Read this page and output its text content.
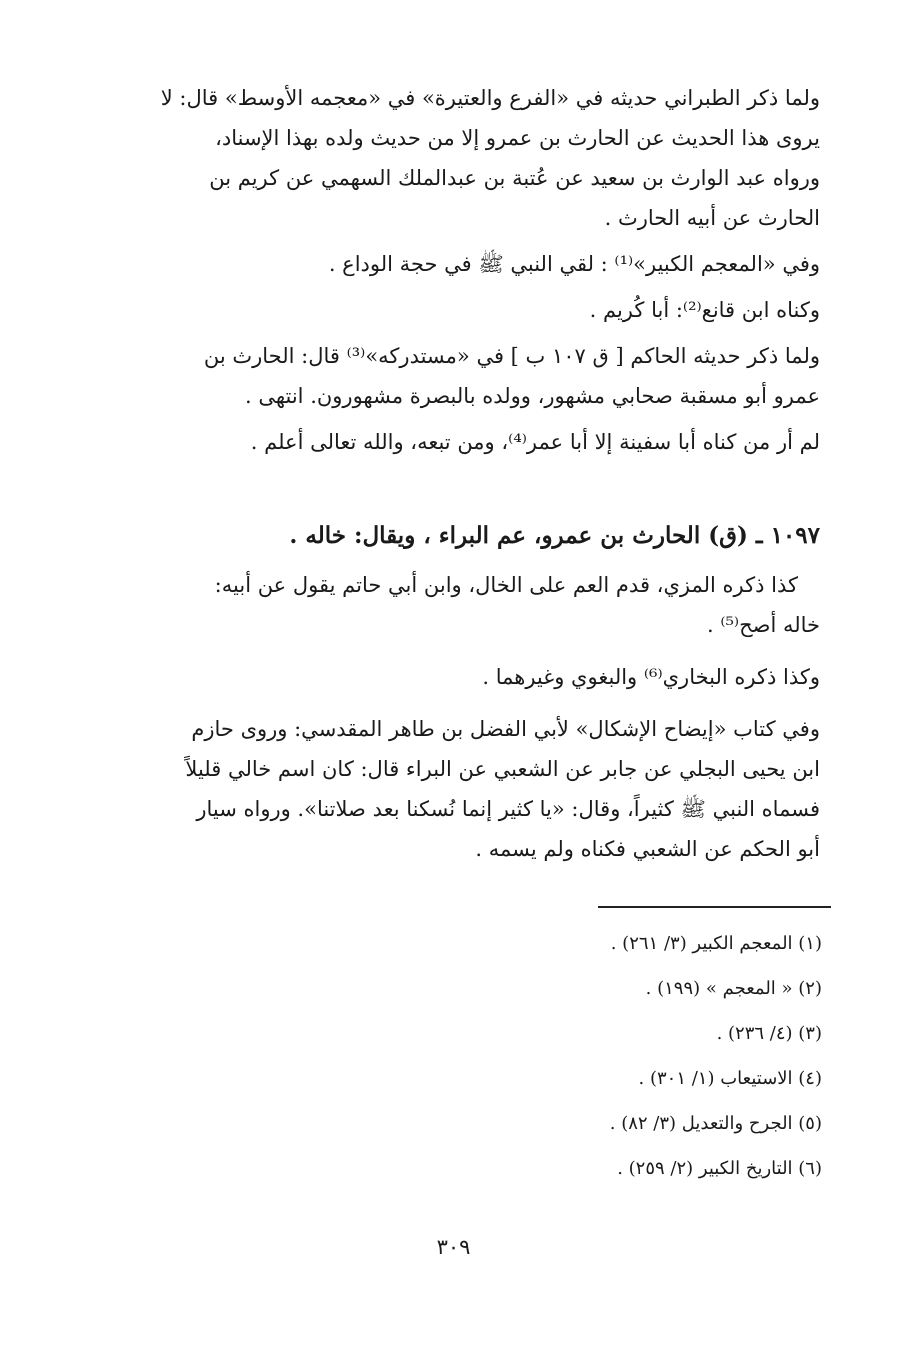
ولما ذكر الطبراني حديثه في «الفرع والعتيرة» في «معجمه الأوسط» قال: لا
يروى هذا الحديث عن الحارث بن عمرو إلا من حديث ولده بهذا الإسناد،
ورواه عبد الوارث بن سعيد عن عُتبة بن عبدالملك السهمي عن كريم بن
الحارث عن أبيه الحارث .

وفي «المعجم الكبير»⁽¹⁾ : لقي النبي ﷺ في حجة الوداع .

وكناه ابن قانع⁽²⁾: أبا كُريم .

ولما ذكر حديثه الحاكم [ ق ١٠٧ ب ] في «مستدركه»⁽³⁾ قال: الحارث بن
عمرو أبو مسقبة صحابي مشهور، وولده بالبصرة مشهورون. انتهى .

لم أر من كناه أبا سفينة إلا أبا عمر⁽⁴⁾، ومن تبعه، والله تعالى أعلم .

١٠٩٧ ـ (ق) الحارث بن عمرو، عم البراء ، ويقال: خاله .

كذا ذكره المزي، قدم العم على الخال، وابن أبي حاتم يقول عن أبيه:
خاله أصح⁽⁵⁾ .

وكذا ذكره البخاري⁽⁶⁾ والبغوي وغيرهما .

وفي كتاب «إيضاح الإشكال» لأبي الفضل بن طاهر المقدسي: وروى حازم
ابن يحيى البجلي عن جابر عن الشعبي عن البراء قال: كان اسم خالي قليلاً
فسماه النبي ﷺ كثيراً، وقال: «يا كثير إنما نُسكنا بعد صلاتنا». ورواه سيار
أبو الحكم عن الشعبي فكناه ولم يسمه .

(١) المعجم الكبير (٣/ ٢٦١) .
(٢) « المعجم » (١٩٩) .
(٣) (٤/ ٢٣٦) .
(٤) الاستيعاب (١/ ٣٠١) .
(٥) الجرح والتعديل (٣/ ٨٢) .
(٦) التاريخ الكبير (٢/ ٢٥٩) .
٣٠٩
